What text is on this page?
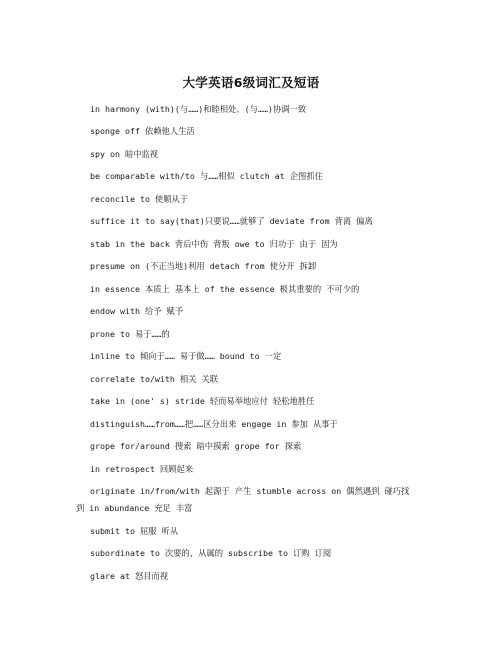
大学英语6级词汇及短语
in harmony (with)(与……)和睦相处、(与……)协调一致
sponge off 依赖他人生活
spy on 暗中监视
be comparable with/to 与……相似 clutch at 企图抓住
reconcile to 使顺从于
suffice it to say(that)只要说……就够了 deviate from 背离 偏离
stab in the back 背后中伤 背叛 owe to 归功于 由于 因为
presume on (不正当地)利用 detach from 使分开 拆卸
in essence 本质上 基本上 of the essence 极其重要的 不可少的
endow with 给予 赋予
prone to 易于……的
inline to 倾向于…… 易于做…… bound to 一定
correlate to/with 相关 关联
take in (one' s) stride 轻而易举地应付 轻松地胜任
distinguish……from……把……区分出来 engage in 参加 从事于
grope for/around 搜索 暗中摸索 grope for 探索
in retrospect 回顾起来
originate in/from/with 起源于 产生 stumble across on 偶然遇到 碰巧找
到 in abundance 充足 丰富
submit to 屈服 听从
subordinate to 次要的，从属的 subscribe to 订购 订阅
glare at 怒目而视
